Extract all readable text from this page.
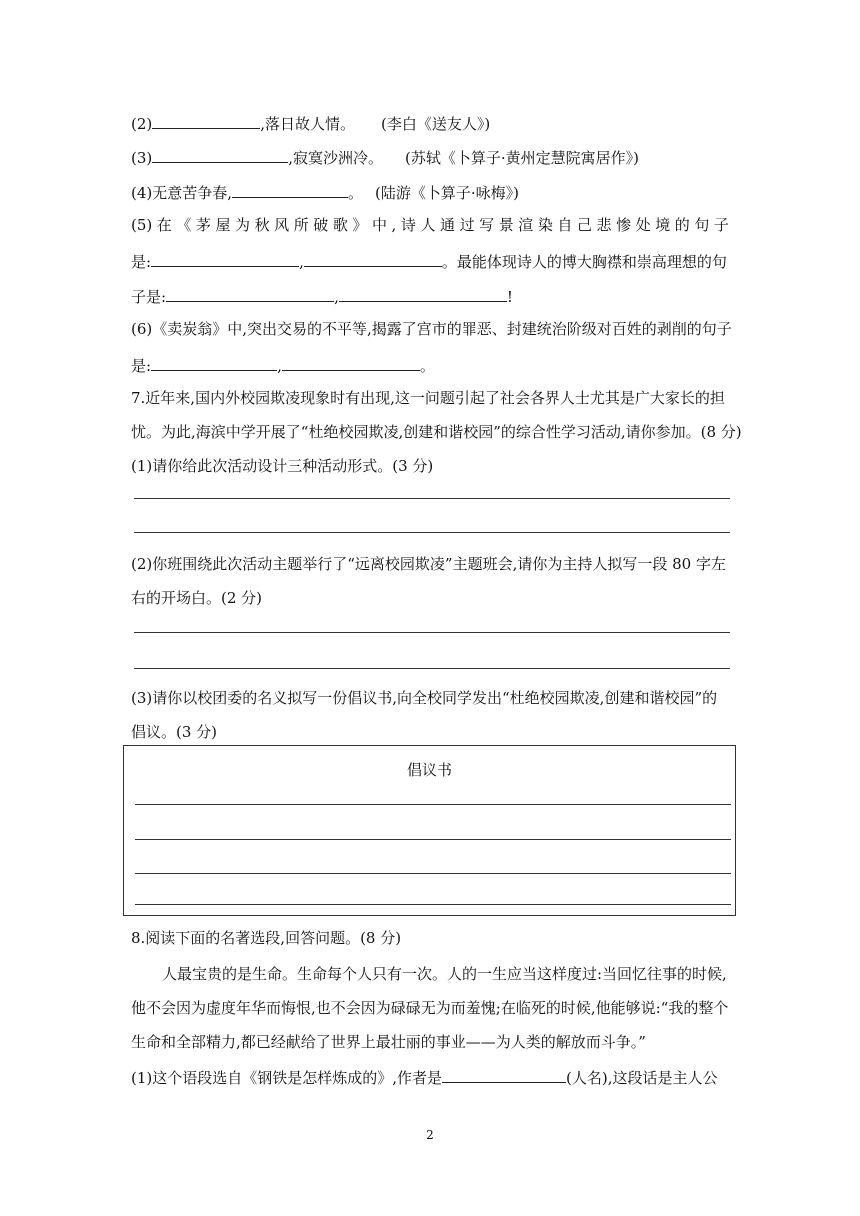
(2)	,落日故人情。 (李白《送友人》)
(3)	,寂寞沙洲冷。 (苏轼《卜算子·黄州定慧院寓居作》)
(4)无意苦争春,	。 (陆游《卜算子·咏梅》)
(5) 在 《 茅 屋 为 秋 风 所 破 歌 》 中 , 诗 人 通 过 写 景 渲 染 自 己 悲 惨 处 境 的 句 子
是:	,	。最能体现诗人的博大胸襟和崇高理想的句
子是:	,	!
(6)《卖炭翁》中,突出交易的不平等,揭露了宫市的罪恶、封建统治阶级对百姓的剥削的句子
是:	,	。
7.近年来,国内外校园欺凌现象时有出现,这一问题引起了社会各界人士尤其是广大家长的担
忧。为此,海滨中学开展了“杜绝校园欺凌,创建和谐校园”的综合性学习活动,请你参加。(8 分)
(1)请你给此次活动设计三种活动形式。(3 分)
(2)你班围绕此次活动主题举行了“远离校园欺凌”主题班会,请你为主持人拟写一段 80 字左
右的开场白。(2 分)
(3)请你以校团委的名义拟写一份倡议书,向全校同学发出“杜绝校园欺凌,创建和谐校园”的
倡议。(3 分)
倡议书
8.阅读下面的名著选段,回答问题。(8 分)
人最宝贵的是生命。生命每个人只有一次。人的一生应当这样度过:当回忆往事的时候,
他不会因为虚度年华而悔恨,也不会因为碌碌无为而羞愧;在临死的时候,他能够说:“我的整个
生命和全部精力,都已经献给了世界上最壮丽的事业——为人类的解放而斗争。”
(1)这个语段选自《钢铁是怎样炼成的》,作者是	(人名),这段话是主人公
2
